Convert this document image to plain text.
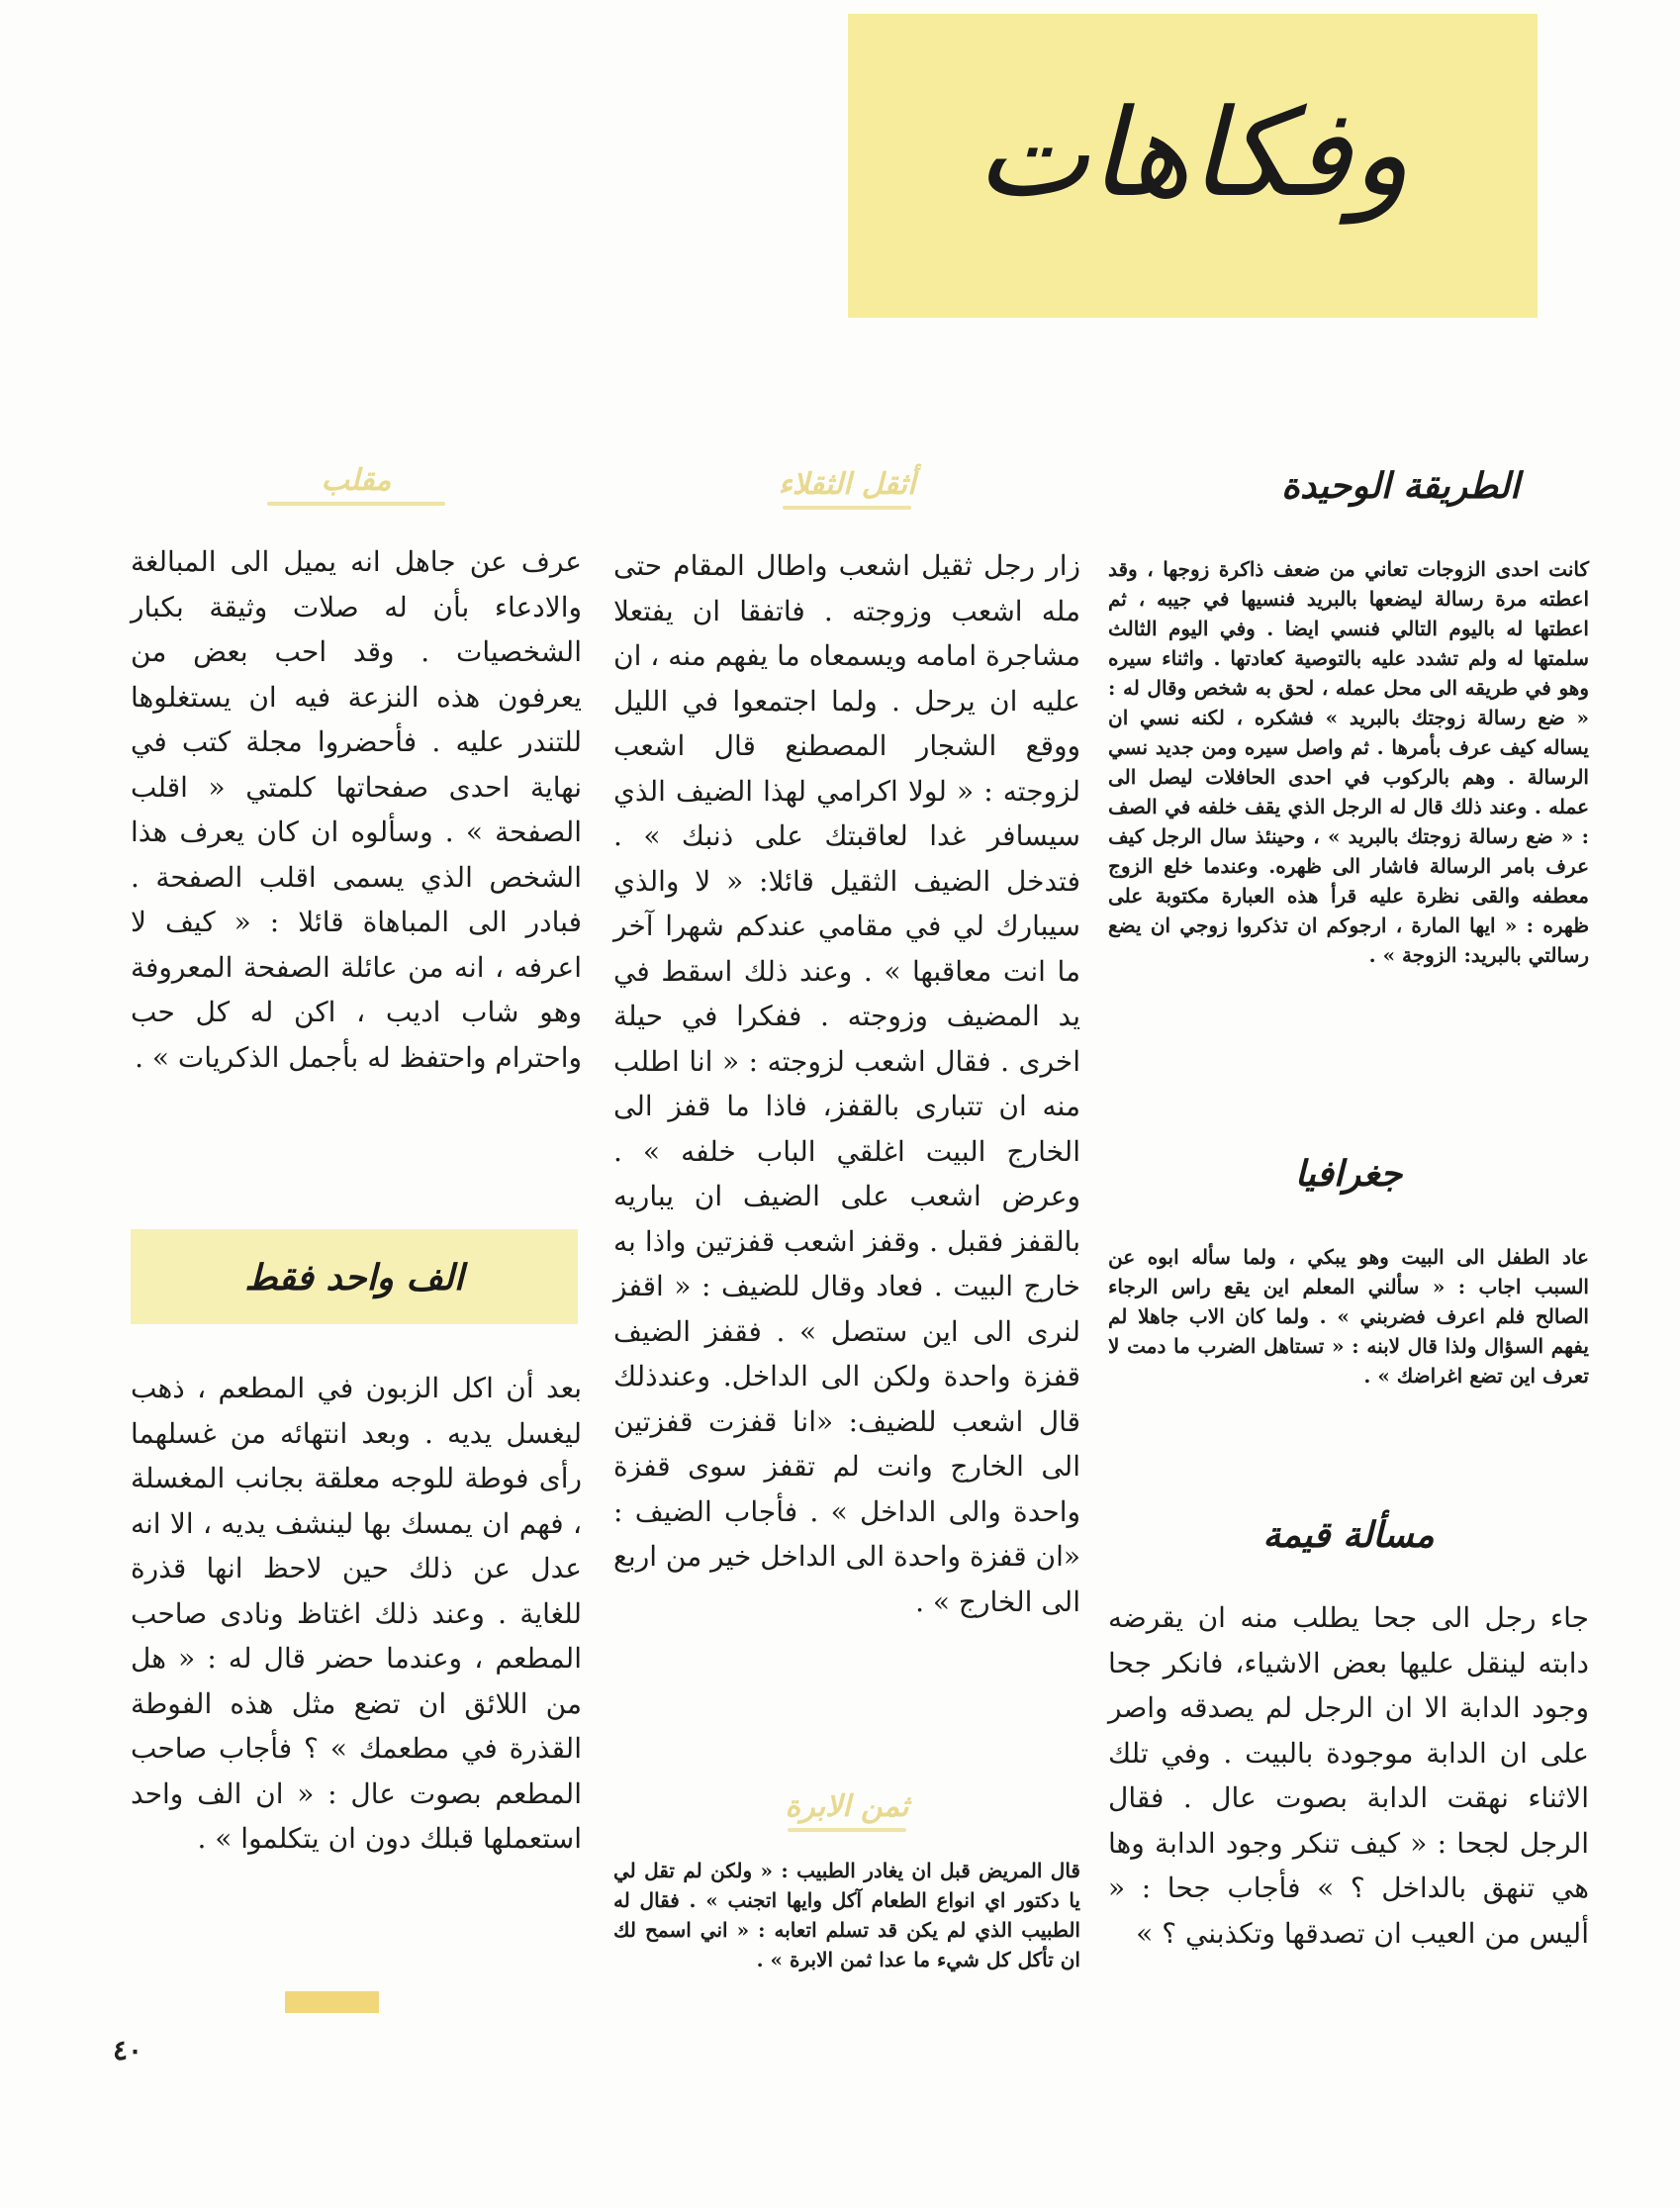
وفكاهات
الطريقة الوحيدة

كانت احدى الزوجات تعاني من ضعف ذاكرة زوجها ، وقد اعطته مرة رسالة ليضعها بالبريد فنسيها في جيبه ، ثم اعطتها له باليوم التالي فنسي ايضا . وفي اليوم الثالث سلمتها له ولم تشدد عليه بالتوصية كعادتها . واثناء سيره وهو في طريقه الى محل عمله ، لحق به شخص وقال له : « ضع رسالة زوجتك بالبريد » فشكره ، لكنه نسي ان يساله كيف عرف بأمرها . ثم واصل سيره ومن جديد نسي الرسالة . وهم بالركوب في احدى الحافلات ليصل الى عمله . وعند ذلك قال له الرجل الذي يقف خلفه في الصف : « ضع رسالة زوجتك بالبريد » ، وحينئذ سال الرجل كيف عرف بامر الرسالة فاشار الى ظهره. وعندما خلع الزوج معطفه والقى نظرة عليه قرأ هذه العبارة مكتوبة على ظهره : « ايها المارة ، ارجوكم ان تذكروا زوجي ان يضع رسالتي بالبريد: الزوجة » .

جغرافيا

عاد الطفل الى البيت وهو يبكي ، ولما سأله ابوه عن السبب اجاب : « سألني المعلم اين يقع راس الرجاء الصالح فلم اعرف فضربني » . ولما كان الاب جاهلا لم يفهم السؤال ولذا قال لابنه : « تستاهل الضرب ما دمت لا تعرف اين تضع اغراضك » .

مسألة قيمة

جاء رجل الى جحا يطلب منه ان يقرضه دابته لينقل عليها بعض الاشياء، فانكر جحا وجود الدابة الا ان الرجل لم يصدقه واصر على ان الدابة موجودة بالبيت . وفي تلك الاثناء نهقت الدابة بصوت عال . فقال الرجل لجحا : « كيف تنكر وجود الدابة وها هي تنهق بالداخل ؟ » فأجاب جحا : « أليس من العيب ان تصدقها وتكذبني ؟ »

أثقل الثقلاء

زار رجل ثقيل اشعب واطال المقام حتى مله اشعب وزوجته . فاتفقا ان يفتعلا مشاجرة امامه ويسمعاه ما يفهم منه ، ان عليه ان يرحل . ولما اجتمعوا في الليل ووقع الشجار المصطنع قال اشعب لزوجته : « لولا اكرامي لهذا الضيف الذي سيسافر غدا لعاقبتك على ذنبك » . فتدخل الضيف الثقيل قائلا: « لا والذي سيبارك لي في مقامي عندكم شهرا آخر ما انت معاقبها » . وعند ذلك اسقط في يد المضيف وزوجته . ففكرا في حيلة اخرى . فقال اشعب لزوجته : « انا اطلب منه ان تتبارى بالقفز، فاذا ما قفز الى الخارج البيت اغلقي الباب خلفه » . وعرض اشعب على الضيف ان يباريه بالقفز فقبل . وقفز اشعب قفزتين واذا به خارج البيت . فعاد وقال للضيف : « اقفز لنرى الى اين ستصل » . فقفز الضيف قفزة واحدة ولكن الى الداخل. وعندذلك قال اشعب للضيف: «انا قفزت قفزتين الى الخارج وانت لم تقفز سوى قفزة واحدة والى الداخل » . فأجاب الضيف : «ان قفزة واحدة الى الداخل خير من اربع الى الخارج » .

ثمن الابرة

قال المريض قبل ان يغادر الطبيب : « ولكن لم تقل لي يا دكتور اي انواع الطعام آكل وايها اتجنب » . فقال له الطبيب الذي لم يكن قد تسلم اتعابه : « اني اسمح لك ان تأكل كل شيء ما عدا ثمن الابرة » .

مقلب

عرف عن جاهل انه يميل الى المبالغة والادعاء بأن له صلات وثيقة بكبار الشخصيات . وقد احب بعض من يعرفون هذه النزعة فيه ان يستغلوها للتندر عليه . فأحضروا مجلة كتب في نهاية احدى صفحاتها كلمتي « اقلب الصفحة » . وسألوه ان كان يعرف هذا الشخص الذي يسمى اقلب الصفحة . فبادر الى المباهاة قائلا : « كيف لا اعرفه ، انه من عائلة الصفحة المعروفة وهو شاب اديب ، اكن له كل حب واحترام واحتفظ له بأجمل الذكريات » .

الف واحد فقط

بعد أن اكل الزبون في المطعم ، ذهب ليغسل يديه . وبعد انتهائه من غسلهما رأى فوطة للوجه معلقة بجانب المغسلة ، فهم ان يمسك بها لينشف يديه ، الا انه عدل عن ذلك حين لاحظ انها قذرة للغاية . وعند ذلك اغتاظ ونادى صاحب المطعم ، وعندما حضر قال له : « هل من اللائق ان تضع مثل هذه الفوطة القذرة في مطعمك » ؟ فأجاب صاحب المطعم بصوت عال : « ان الف واحد استعملها قبلك دون ان يتكلموا » .

٤٠
